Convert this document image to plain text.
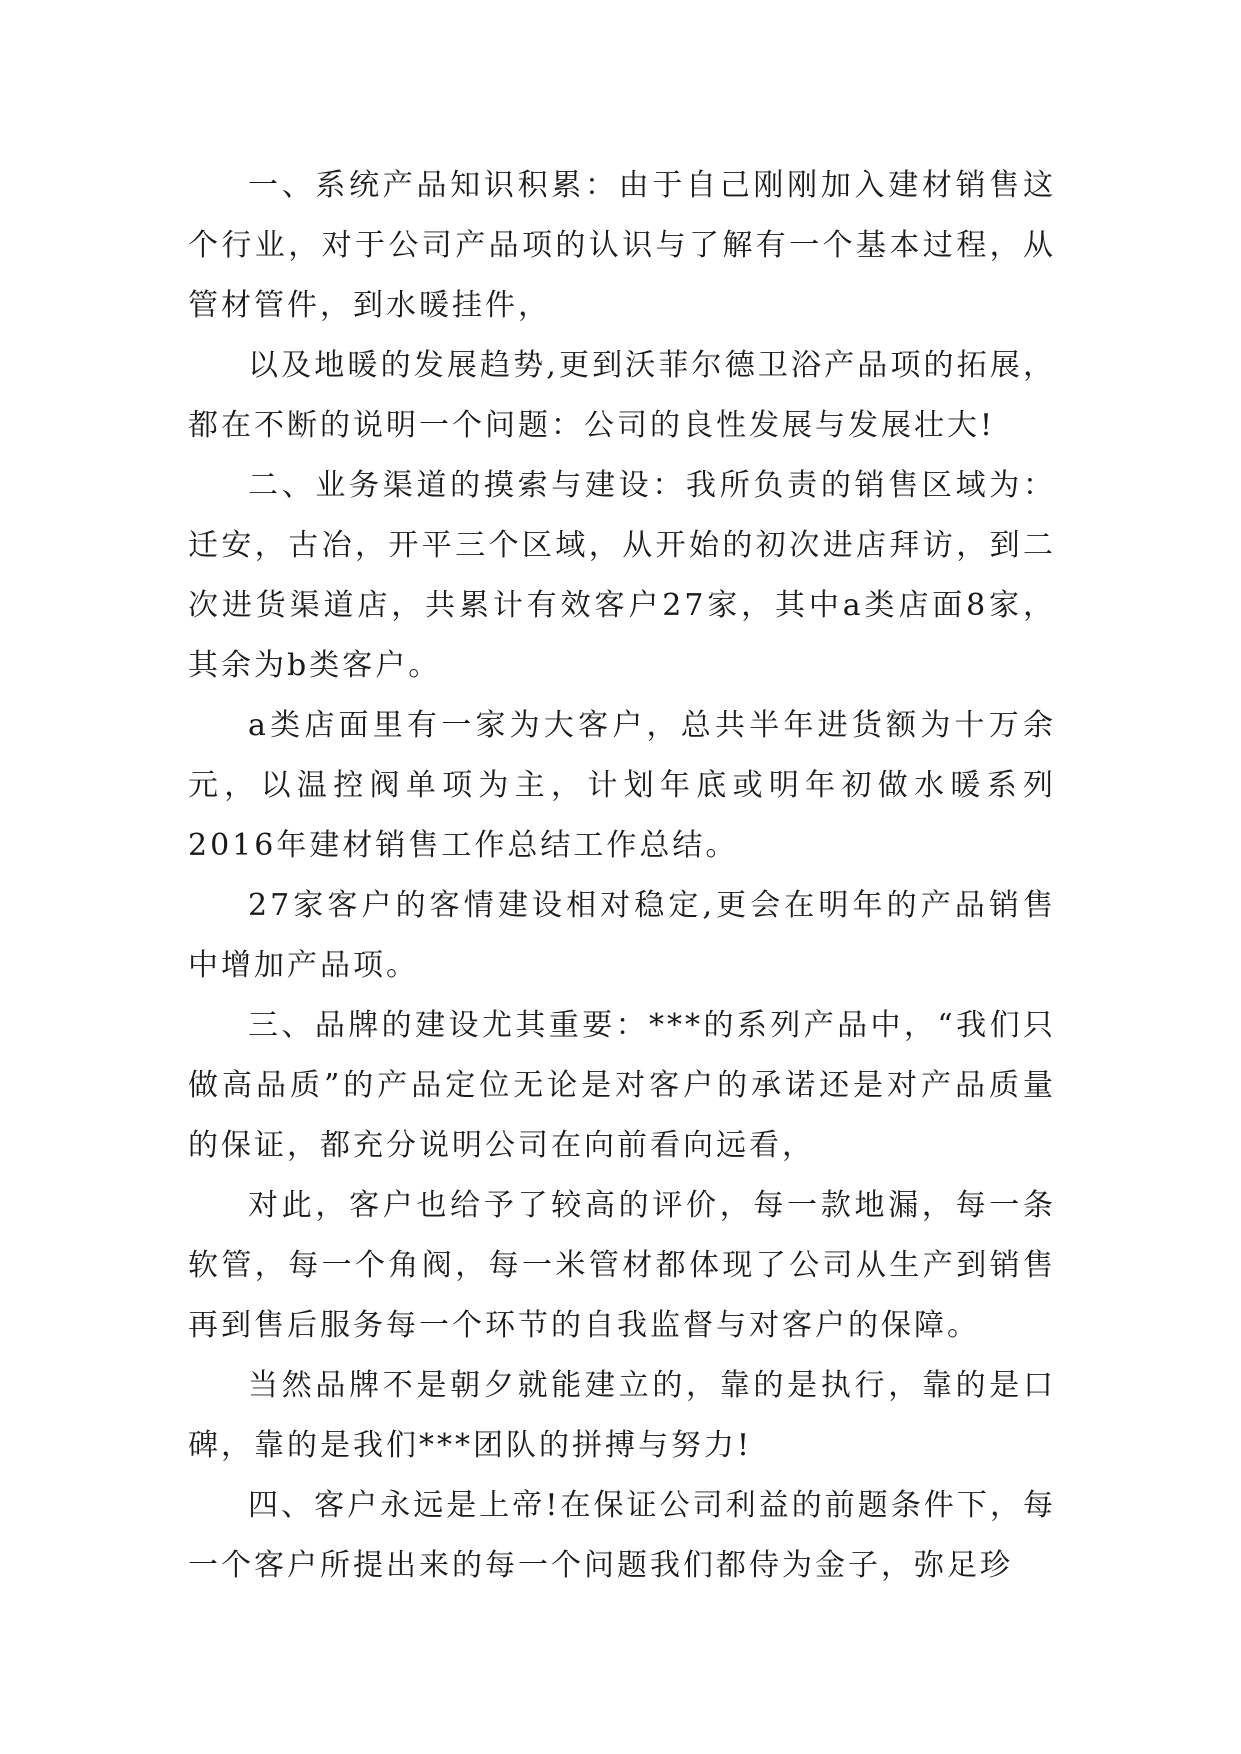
一、系统产品知识积累：由于自己刚刚加入建材销售这个行业，对于公司产品项的认识与了解有一个基本过程，从管材管件，到水暖挂件，

以及地暖的发展趋势,更到沃菲尔德卫浴产品项的拓展，都在不断的说明一个问题：公司的良性发展与发展壮大!

二、业务渠道的摸索与建设：我所负责的销售区域为：迁安，古冶，开平三个区域，从开始的初次进店拜访，到二次进货渠道店，共累计有效客户27家，其中a类店面8家，其余为b类客户。

a类店面里有一家为大客户，总共半年进货额为十万余元，以温控阀单项为主，计划年底或明年初做水暖系列2016年建材销售工作总结工作总结。

27家客户的客情建设相对稳定,更会在明年的产品销售中增加产品项。

三、品牌的建设尤其重要：***的系列产品中，“我们只做高品质”的产品定位无论是对客户的承诺还是对产品质量的保证，都充分说明公司在向前看向远看，

对此，客户也给予了较高的评价，每一款地漏，每一条软管，每一个角阀，每一米管材都体现了公司从生产到销售再到售后服务每一个环节的自我监督与对客户的保障。

当然品牌不是朝夕就能建立的，靠的是执行，靠的是口碑，靠的是我们***团队的拼搏与努力!

四、客户永远是上帝!在保证公司利益的前题条件下，每一个客户所提出来的每一个问题我们都侍为金子，弥足珍
